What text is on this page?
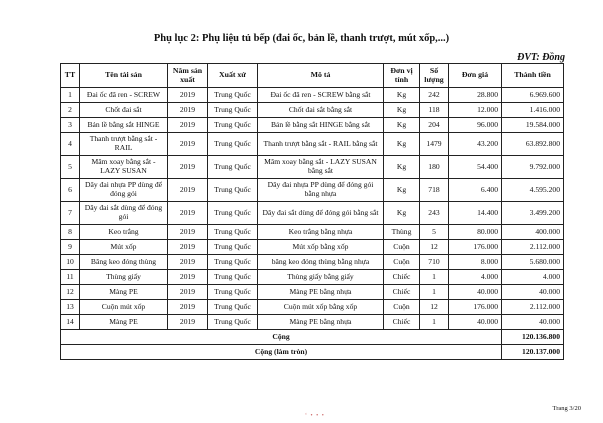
Phụ lục 2: Phụ liệu tủ bếp (đai ốc, bản lề, thanh trượt, mút xốp,...)
ĐVT: Đồng
TT	Tên tài sản	Năm sản xuất	Xuất xứ	Mô tả	Đơn vị tính	Số lượng	Đơn giá	Thành tiền
1	Đai ốc đã ren - SCREW	2019	Trung Quốc	Đai ốc đã ren - SCREW bằng sắt	Kg	242	28.800	6.969.600
2	Chốt đai sắt	2019	Trung Quốc	Chốt đai sắt bằng sắt	Kg	118	12.000	1.416.000
3	Bản lề bằng sắt HINGE	2019	Trung Quốc	Bản lề bằng sắt HINGE bằng sắt	Kg	204	96.000	19.584.000
4	Thanh trượt bằng sắt - RAIL	2019	Trung Quốc	Thanh trượt bằng sắt - RAIL bằng sắt	Kg	1479	43.200	63.892.800
5	Mâm xoay bằng sắt - LAZY SUSAN	2019	Trung Quốc	Mâm xoay bằng sắt - LAZY SUSAN bằng sắt	Kg	180	54.400	9.792.000
6	Dây đai nhựa PP dùng để đóng gói	2019	Trung Quốc	Dây đai nhựa PP dùng để đóng gói bằng nhựa	Kg	718	6.400	4.595.200
7	Dây đai sắt dùng để đóng gói	2019	Trung Quốc	Dây đai sắt dùng để đóng gói bằng sắt	Kg	243	14.400	3.499.200
8	Keo trắng	2019	Trung Quốc	Keo trắng bằng nhựa	Thùng	5	80.000	400.000
9	Mút xốp	2019	Trung Quốc	Mút xốp bằng xốp	Cuộn	12	176.000	2.112.000
10	Băng keo đóng thùng	2019	Trung Quốc	băng keo đóng thùng bằng nhựa	Cuộn	710	8.000	5.680.000
11	Thùng giấy	2019	Trung Quốc	Thùng giấy bằng giấy	Chiếc	1	4.000	4.000
12	Màng PE	2019	Trung Quốc	Màng PE bằng nhựa	Chiếc	1	40.000	40.000
13	Cuộn mút xốp	2019	Trung Quốc	Cuộn mút xốp bằng xốp	Cuộn	12	176.000	2.112.000
14	Màng PE	2019	Trung Quốc	Màng PE bằng nhựa	Chiếc	1	40.000	40.000
Cộng								120.136.800
Cộng (làm tròn)								120.137.000
‘ • • •
Trang 3/20
